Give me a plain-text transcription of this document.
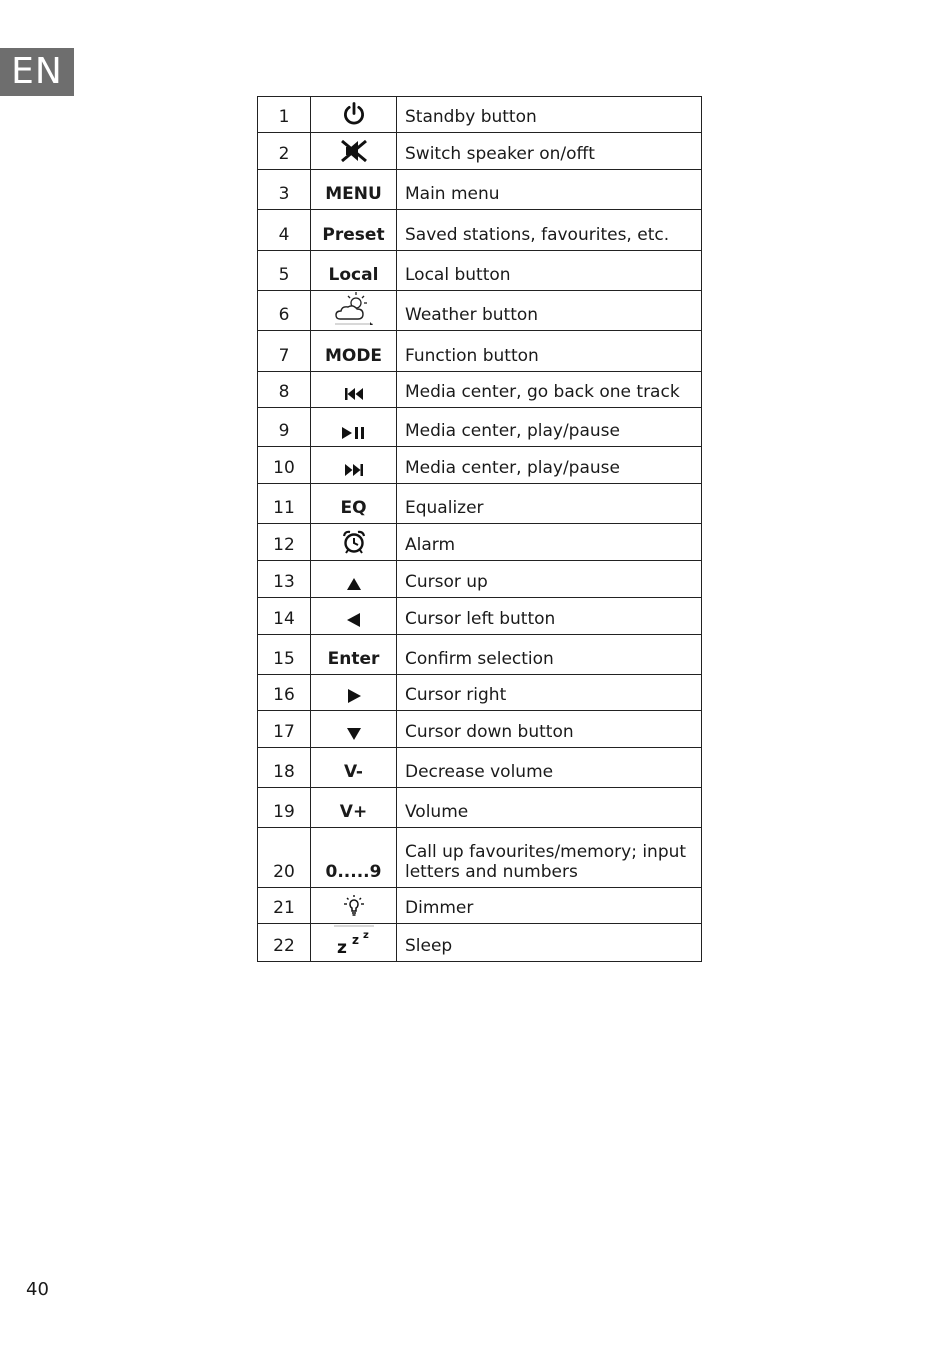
EN
1		Standby button
2		Switch speaker on/offt
3	MENU	Main menu
4	Preset	Saved stations, favourites, etc.
5	Local	Local button
6		Weather button
7	MODE	Function button
8		Media center, go back one track
9		Media center, play/pause
10		Media center, play/pause
11	EQ	Equalizer
12		Alarm
13		Cursor up
14		Cursor left button
15	Enter	Confirm selection
16		Cursor right
17		Cursor down button
18	V-	Decrease volume
19	V+	Volume
20	0.....9	Call up favourites/memory; input letters and numbers
21		Dimmer
22	z z z	Sleep
40
